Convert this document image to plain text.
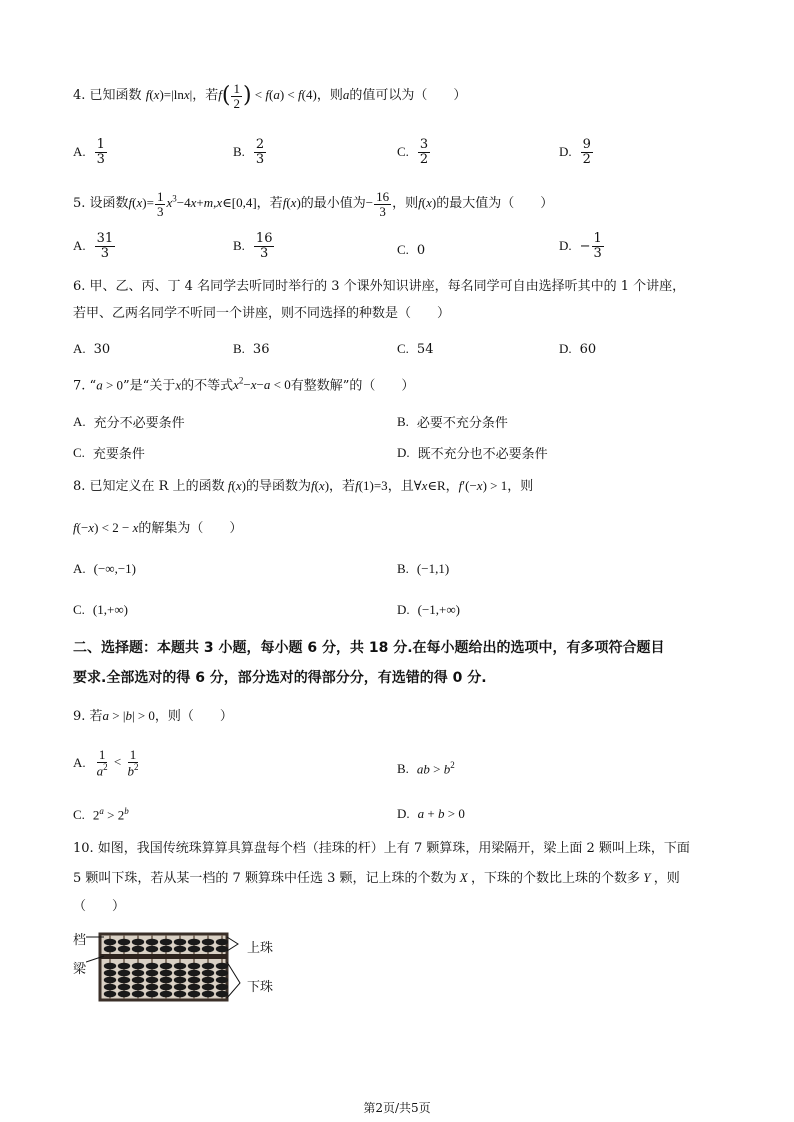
4. 已知函数 f(x)=|lnx|，若$f( \frac{1}{2}$ ) < f(a) < f(4)，则a的值可以为（　　）
A. $\frac{1}{3}$	B. $\frac{2}{3}$	C. $\frac{3}{2}$	D. $\frac{9}{2}$
5. 设函数$f(x)= \frac{1}{3}$ $x^3-4x+m,x\in[0,4]$，若f(x)的最小值为− $\frac{16}{3}$ ，则f(x)的最大值为（　　）
A. $\frac{31}{3}$	B. $\frac{16}{3}$	C. 0	D. − $\frac{1}{3}$
6. 甲、乙、丙、丁 4 名同学去听同时举行的 3 个课外知识讲座，每名同学可自由选择听其中的 1 个讲座，
若甲、乙两名同学不听同一个讲座，则不同选择的种数是（　　）
A. 30	B. 36	C. 54	D. 60
7. “a > 0”是“关于x的不等式$x^2-x-a < 0$有整数解”的（　　）
A. 充分不必要条件	B. 必要不充分条件
C. 充要条件	D. 既不充分也不必要条件
8. 已知定义在 R 上的函数 f(x)的导函数为f(x)，若f(1)=3，且∀x∈R，f′(−x) > 1，则
f(−x) < 2 − x的解集为（　　）
A. (−∞,−1)	B. (−1,1)
C. (1,+∞)	D. (−1,+∞)
二、选择题：本题共 3 小题，每小题 6 分，共 18 分.在每小题给出的选项中，有多项符合题目
要求.全部选对的得 6 分，部分选对的得部分分，有选错的得 0 分.
9. 若a > |b| > 0，则（　　）
A. $\frac{1}{a^2} < \frac{1}{b^2}$	B. ab > $b^2$
C. $2^a > 2^b$	D. a + b > 0
10. 如图，我国传统珠算算具算盘每个档（挂珠的杆）上有 7 颗算珠，用梁隔开，梁上面 2 颗叫上珠，下面
5 颗叫下珠，若从某一档的 7 颗算珠中任选 3 颗，记上珠的个数为 X ，下珠的个数比上珠的个数多 Y ，则
（　　）
档
梁
上珠
下珠
第2页/共5页
